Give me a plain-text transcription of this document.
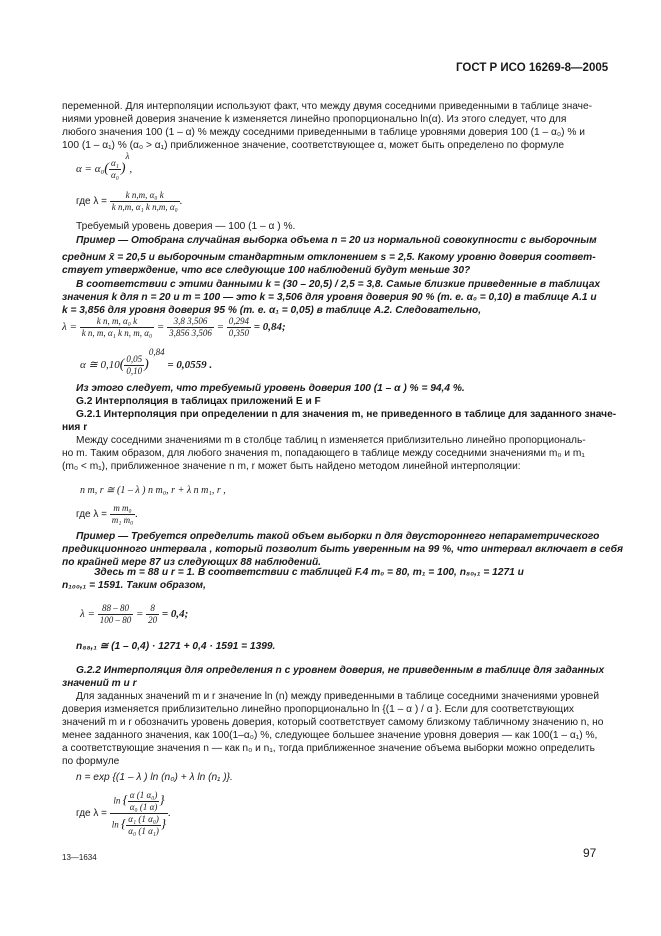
ГОСТ Р ИСО 16269-8—2005
переменной. Для интерполяции используют факт, что между двумя соседними приведенными в таблице значе-
ниями уровней доверия значение k изменяется линейно пропорционально ln(α). Из этого следует, что для
любого значения 100 (1 – α) % между соседними приведенными в таблице уровнями доверия 100 (1 – α₀) % и
100 (1 – α₁) % (α₀ > α₁) приближенное значение, соответствующее α, может быть определено по формуле
$\alpha = \alpha_0( \frac{\text{α₁}}{\text{α₀}} )^\lambda$,
где $\lambda = \frac{\text{k n,m, α₀ k}}{\text{k n,m, α₁ k n,m, α₀}}$ .
Требуемый уровень доверия — 100 (1 – α ) %.
Пример — Отобрана случайная выборка объема n = 20 из нормальной совокупности с выборочным
средним x̄ = 20,5 и выборочным стандартным отклонением s = 2,5. Какому уровню доверия соответ-
ствует утверждение, что все следующие 100 наблюдений будут меньше 30?
В соответствии с этими данными k = (30 – 20,5) / 2,5 = 3,8. Самые близкие приведенные в таблицах
значения k для n = 20 и m = 100 — это k = 3,506 для уровня доверия 90 % (т. е. α₀ = 0,10) в таблице А.1 и
k = 3,856 для уровня доверия 95 % (т. е. α₁ = 0,05) в таблице А.2. Следовательно,
$\lambda = \frac{\text{k n, m, α₀ k}}{\text{k n, m, α₁ k n, m, α₀}} = \frac{3,8 3,506}{3,856 3,506} = \frac{0,294}{0,350} = 0,84$;
α ≅ $0,10( \frac{0,05}{0,10} )^{0,84} = 0,0559$ .
Из этого следует, что требуемый уровень доверия 100 (1 – α ) % = 94,4 %.
G.2 Интерполяция в таблицах приложений Е и F
G.2.1 Интерполяция при определении n для значения m, не приведенного в таблице для заданного значе-
ния r
Между соседними значениями m в столбце таблиц n изменяется приблизительно линейно пропорциональ-
но m. Таким образом, для любого значения m, попадающего в таблице между соседними значениями m₀ и m₁
(m₀ < m₁), приближенное значение n m, r может быть найдено методом линейной интерполяции:
n m, r ≅ (1 – λ ) n m₀, r + λ n m₁, r ,
где $\lambda = \frac{\text{m m₀}}{\text{m₁ m₀}}$ .
Пример — Требуется определить такой объем выборки n для двустороннего непараметрического
предикционного интервала , который позволит быть уверенным на 99 %, что интервал включает в себя
по крайней мере 87 из следующих 88 наблюдений.
Здесь m = 88 и r = 1. В соответствии с таблицей F.4 m₀ = 80, m₁ = 100, n₈₀,₁ = 1271 и
n₁₀₀,₁ = 1591. Таким образом,
$\lambda = \frac{88 - 80}{100 - 80} = \frac{8}{20} = 0,4$;
n₈₈,₁ ≅ (1 – 0,4) · 1271 + 0,4 · 1591 = 1399.
G.2.2 Интерполяция для определения n с уровнем доверия, не приведенным в таблице для заданных
значений m и r
Для заданных значений m и r значение ln (n) между приведенными в таблице соседними значениями уровней
доверия изменяется приблизительно линейно пропорционально ln {(1 – α ) / α }. Если для соответствующих
значений m и r обозначить уровень доверия, который соответствует самому близкому табличному значению n, но
менее заданного значения, как 100(1–α₀) %, следующее большее значение уровня доверия — как 100(1 – α₁) %,
а соответствующие значения n — как n₀ и n₁, тогда приближенное значение объема выборки можно определить
по формуле
n = exp {(1 – λ ) ln (n₀) + λ ln (n₁ )}.
где $\lambda = \frac{\ln \{ \frac{\text{α (1 α₀)}}{\text{α₀ (1 α)}} \}}{\ln \{ \frac{\text{α₁ (1 α₀)}}{\text{α₀ (1 α₁)}} \}}$ .
13—1634	97
